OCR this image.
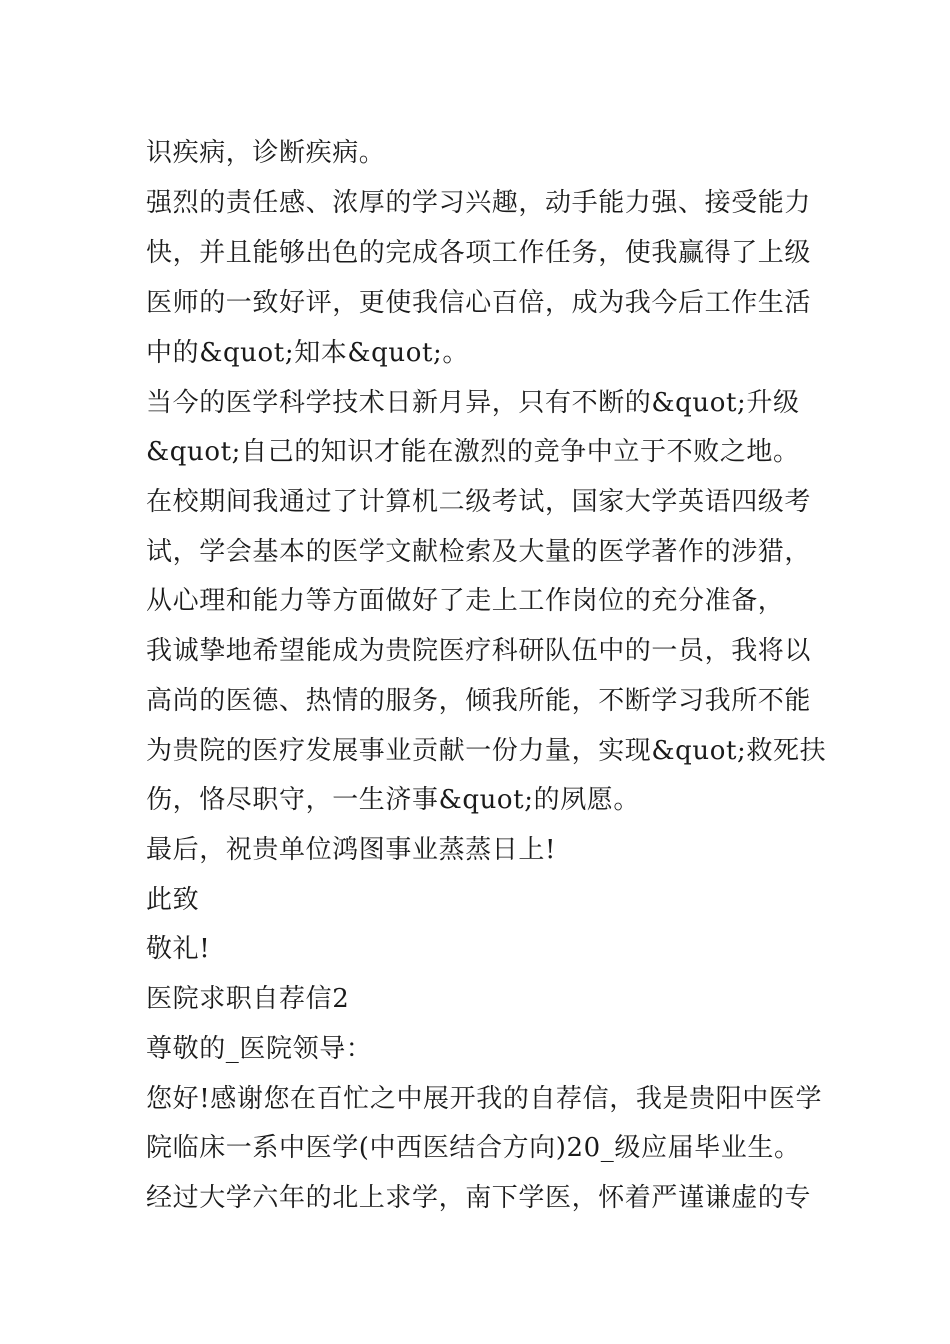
识疾病，诊断疾病。
强烈的责任感、浓厚的学习兴趣，动手能力强、接受能力
快，并且能够出色的完成各项工作任务，使我赢得了上级
医师的一致好评，更使我信心百倍，成为我今后工作生活
中的&quot;知本&quot;。
当今的医学科学技术日新月异，只有不断的&quot;升级
&quot;自己的知识才能在激烈的竞争中立于不败之地。
在校期间我通过了计算机二级考试，国家大学英语四级考
试，学会基本的医学文献检索及大量的医学著作的涉猎，
从心理和能力等方面做好了走上工作岗位的充分准备，
我诚挚地希望能成为贵院医疗科研队伍中的一员，我将以
高尚的医德、热情的服务，倾我所能，不断学习我所不能
为贵院的医疗发展事业贡献一份力量，实现&quot;救死扶
伤，恪尽职守，一生济事&quot;的夙愿。
最后，祝贵单位鸿图事业蒸蒸日上!
此致
敬礼!
医院求职自荐信2
尊敬的_医院领导：
您好!感谢您在百忙之中展开我的自荐信，我是贵阳中医学
院临床一系中医学(中西医结合方向)20_级应届毕业生。
经过大学六年的北上求学，南下学医，怀着严谨谦虚的专
